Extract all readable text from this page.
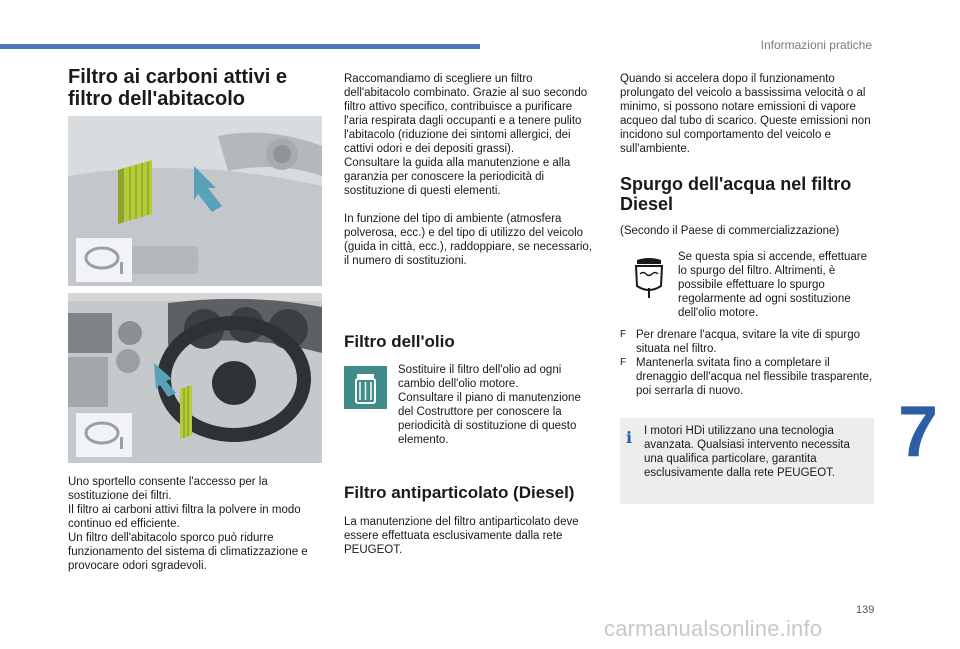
Informazioni pratiche
Filtro ai carboni attivi e filtro dell'abitacolo

Uno sportello consente l'accesso per la sostituzione dei filtri.
Il filtro ai carboni attivi filtra la polvere in modo continuo ed efficiente.
Un filtro dell'abitacolo sporco può ridurre funzionamento del sistema di climatizzazione e provocare odori sgradevoli.

Raccomandiamo di scegliere un filtro dell'abitacolo combinato. Grazie al suo secondo filtro attivo specifico, contribuisce a purificare l'aria respirata dagli occupanti e a tenere pulito l'abitacolo (riduzione dei sintomi allergici, dei cattivi odori e dei depositi grassi).
Consultare la guida alla manutenzione e alla garanzia per conoscere la periodicità di sostituzione di questi elementi.

In funzione del tipo di ambiente (atmosfera polverosa, ecc.) e del tipo di utilizzo del veicolo (guida in città, ecc.), raddoppiare, se necessario, il numero di sostituzioni.

Filtro dell'olio

Sostituire il filtro dell'olio ad ogni cambio dell'olio motore.
Consultare il piano di manutenzione del Costruttore per conoscere la periodicità di sostituzione di questo elemento.

Filtro antiparticolato (Diesel)

La manutenzione del filtro antiparticolato deve essere effettuata esclusivamente dalla rete PEUGEOT.

Quando si accelera dopo il funzionamento prolungato del veicolo a bassissima velocità o al minimo, si possono notare emissioni di vapore acqueo dal tubo di scarico. Queste emissioni non incidono sul comportamento del veicolo e sull'ambiente.

Spurgo dell'acqua nel filtro Diesel

(Secondo il Paese di commercializzazione)

Se questa spia si accende, effettuare lo spurgo del filtro. Altrimenti, è possibile effettuare lo spurgo regolarmente ad ogni sostituzione dell'olio motore.

F Per drenare l'acqua, svitare la vite di spurgo situata nel filtro.

F Mantenerla svitata fino a completare il drenaggio dell'acqua nel flessibile trasparente, poi serrarla di nuovo.

i I motori HDi utilizzano una tecnologia avanzata. Qualsiasi intervento necessita una qualifica particolare, garantita esclusivamente dalla rete PEUGEOT.

7
139
carmanualsonline.info
